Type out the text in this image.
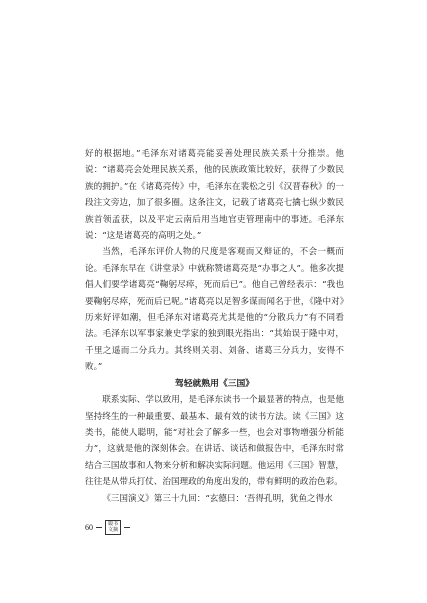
好的根据地。”毛泽东对诸葛亮能妥善处理民族关系十分推崇。他说：“诸葛亮会处理民族关系，他的民族政策比较好，获得了少数民族的拥护。”在《诸葛亮传》中，毛泽东在裴松之引《汉晋春秋》的一段注文旁边，加了很多圈。这条注文，记载了诸葛亮七擒七纵少数民族首领孟获，以及平定云南后用当地官吏管理南中的事迹。毛泽东说：“这是诸葛亮的高明之处。”

当然，毛泽东评价人物的尺度是客观而又辩证的，不会一概而论。毛泽东早在《讲堂录》中就称赞诸葛亮是“办事之人”。他多次提倡人们要学诸葛亮“鞠躬尽瘁，死而后已”。他自己曾经表示：“我也要鞠躬尽瘁，死而后已呢。”诸葛亮以足智多谋而闻名于世，《隆中对》历来好评如潮，但毛泽东对诸葛亮尤其是他的“分散兵力”有不同看法。毛泽东以军事家兼史学家的独到眼光指出：“其始误于隆中对，千里之遥而二分兵力。其终则关羽、刘备、诸葛三分兵力，安得不败。”

驾轻就熟用《三国》

联系实际、学以致用，是毛泽东读书一个最显著的特点，也是他坚持终生的一种最重要、最基本、最有效的读书方法。读《三国》这类书，能使人聪明，能“对社会了解多一些，也会对事物增强分析能力”，这就是他的深刻体会。在讲话、谈话和做报告中，毛泽东时常结合三国故事和人物来分析和解决实际问题。他运用《三国》智慧，往往是从带兵打仗、治国理政的角度出发的，带有鲜明的政治色彩。

《三国演义》第三十九回：“玄德曰：‘吾得孔明，犹鱼之得水

60	锻书
文摘
